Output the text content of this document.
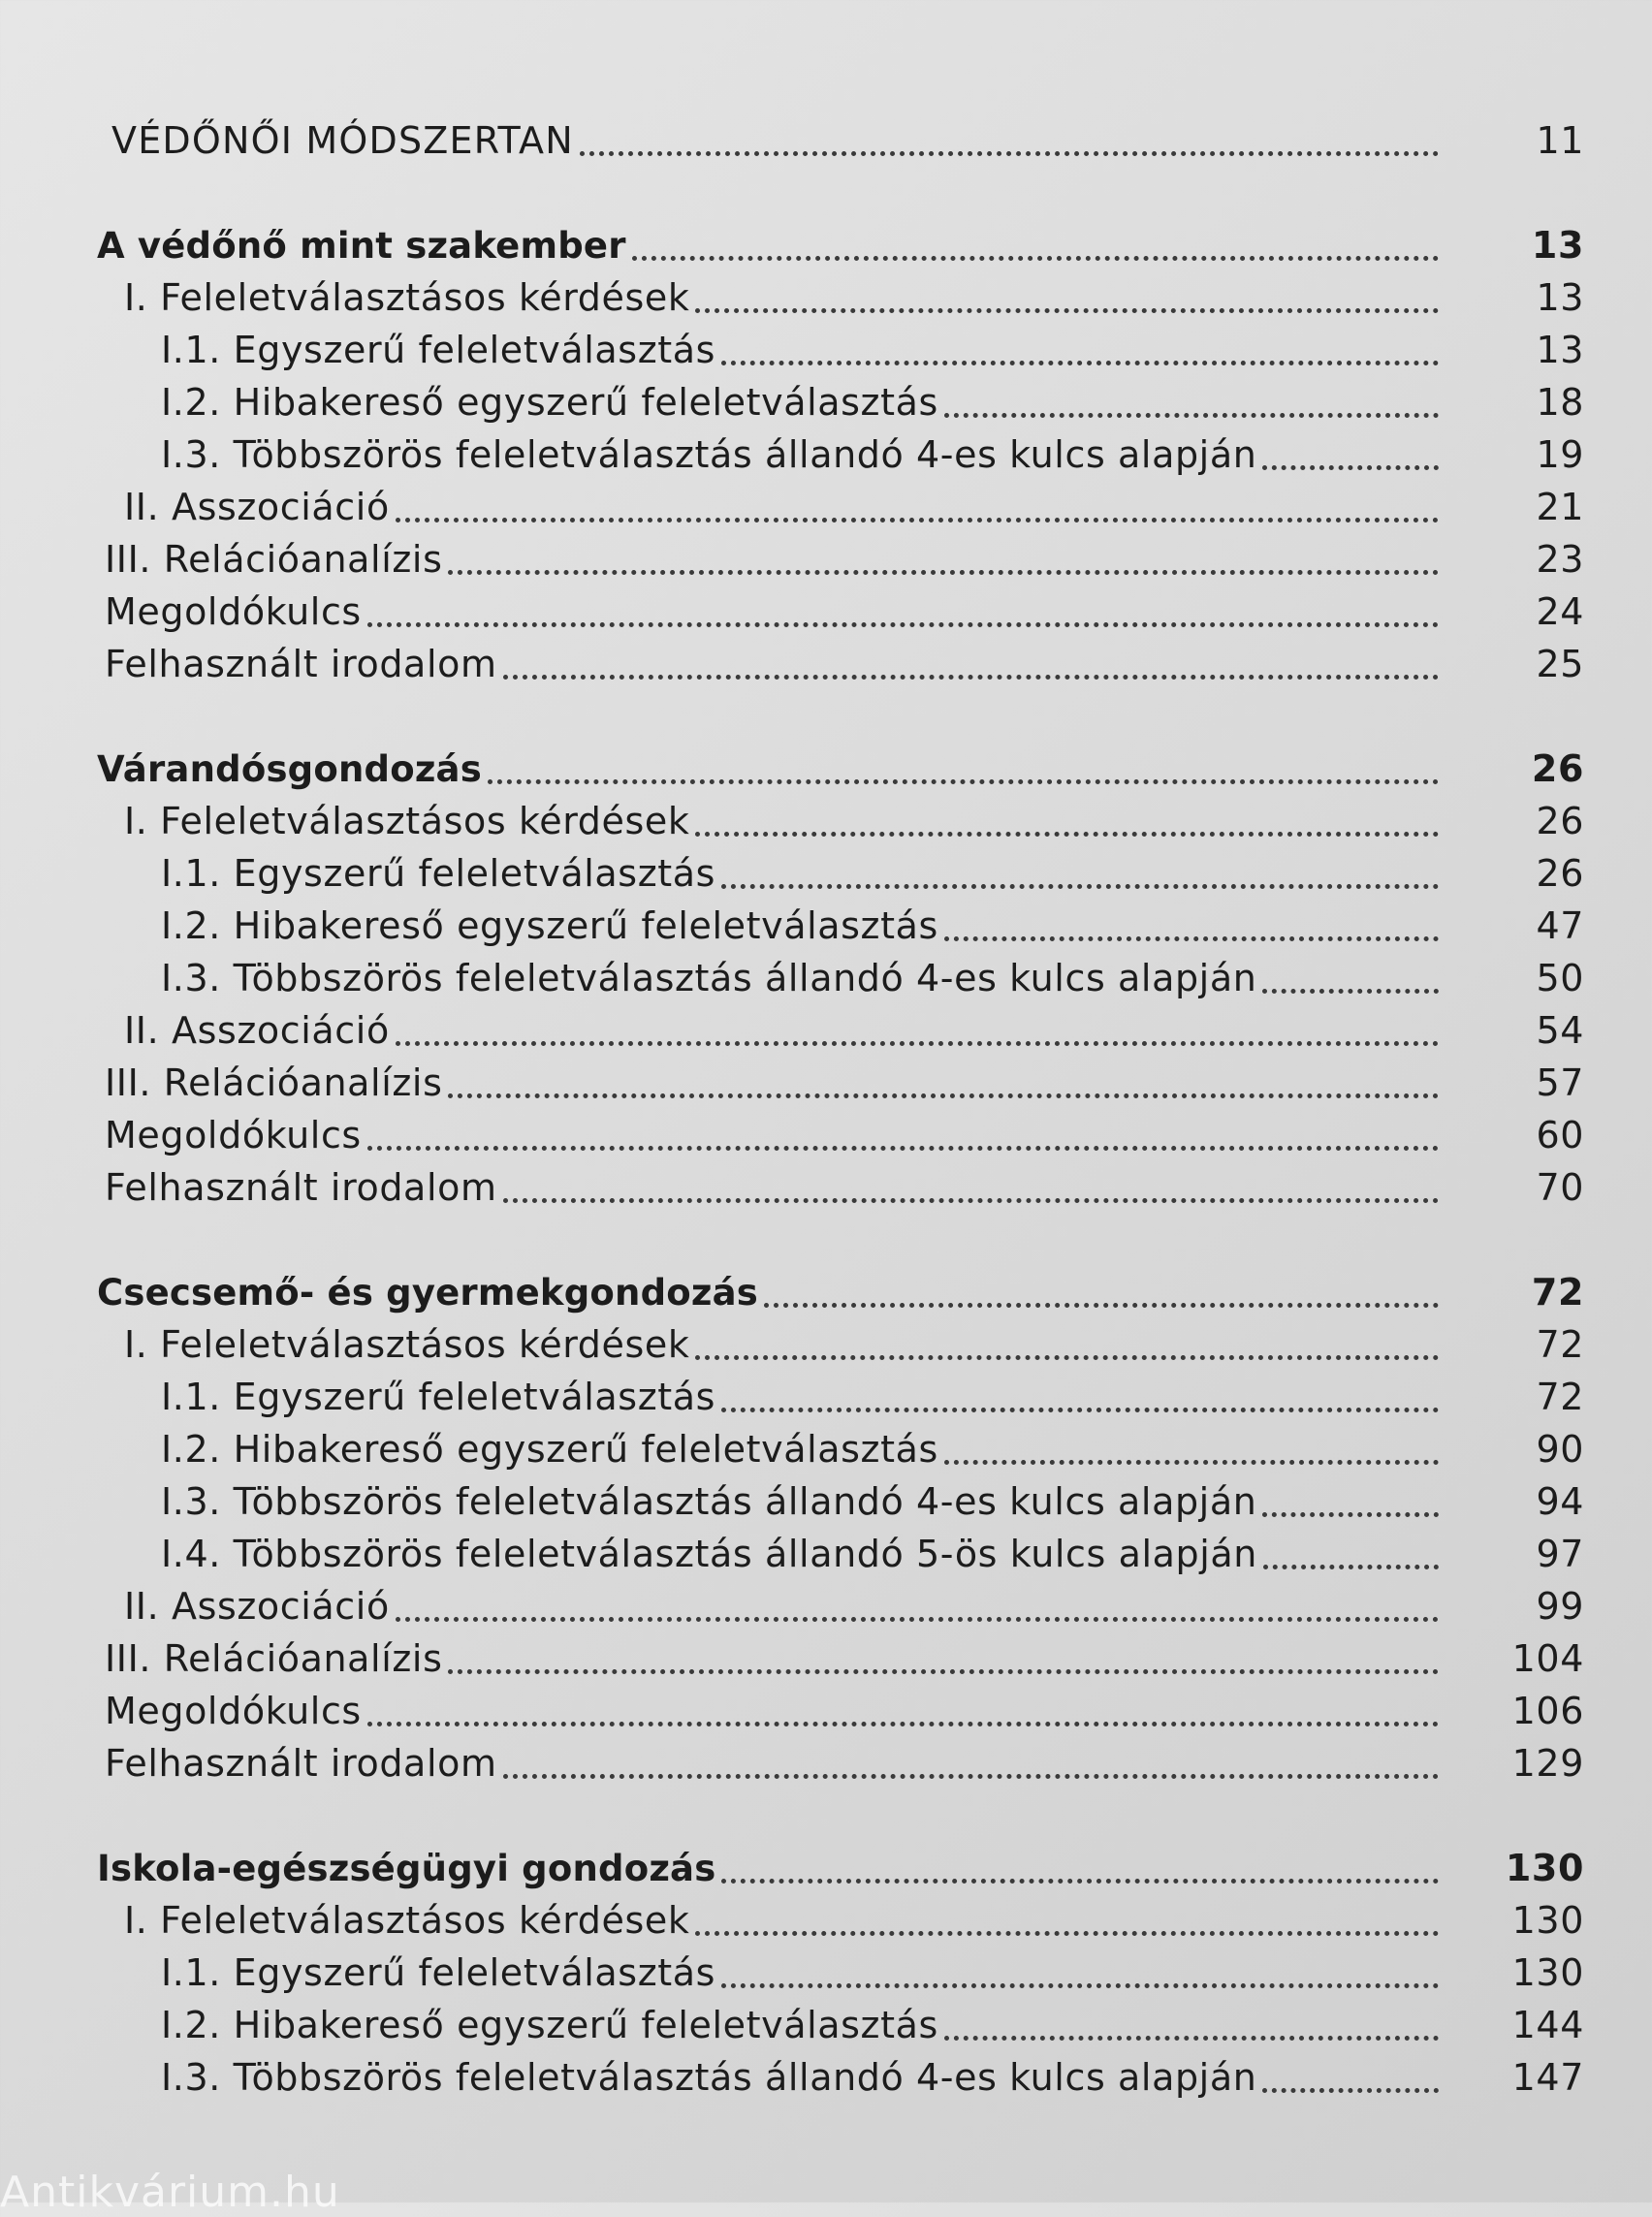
VÉDŐNŐI MÓDSZERTAN	11
A védőnő mint szakember	13
I. Feleletválasztásos kérdések	13
I.1. Egyszerű feleletválasztás	13
I.2. Hibakereső egyszerű feleletválasztás	18
I.3. Többszörös feleletválasztás állandó 4-es kulcs alapján	19
II. Asszociáció	21
III. Relációanalízis	23
Megoldókulcs	24
Felhasznált irodalom	25
Várandósgondozás	26
I. Feleletválasztásos kérdések	26
I.1. Egyszerű feleletválasztás	26
I.2. Hibakereső egyszerű feleletválasztás	47
I.3. Többszörös feleletválasztás állandó 4-es kulcs alapján	50
II. Asszociáció	54
III. Relációanalízis	57
Megoldókulcs	60
Felhasznált irodalom	70
Csecsemő- és gyermekgondozás	72
I. Feleletválasztásos kérdések	72
I.1. Egyszerű feleletválasztás	72
I.2. Hibakereső egyszerű feleletválasztás	90
I.3. Többszörös feleletválasztás állandó 4-es kulcs alapján	94
I.4. Többszörös feleletválasztás állandó 5-ös kulcs alapján	97
II. Asszociáció	99
III. Relációanalízis	104
Megoldókulcs	106
Felhasznált irodalom	129
Iskola-egészségügyi gondozás	130
I. Feleletválasztásos kérdések	130
I.1. Egyszerű feleletválasztás	130
I.2. Hibakereső egyszerű feleletválasztás	144
I.3. Többszörös feleletválasztás állandó 4-es kulcs alapján	147
Antikvárium.hu
